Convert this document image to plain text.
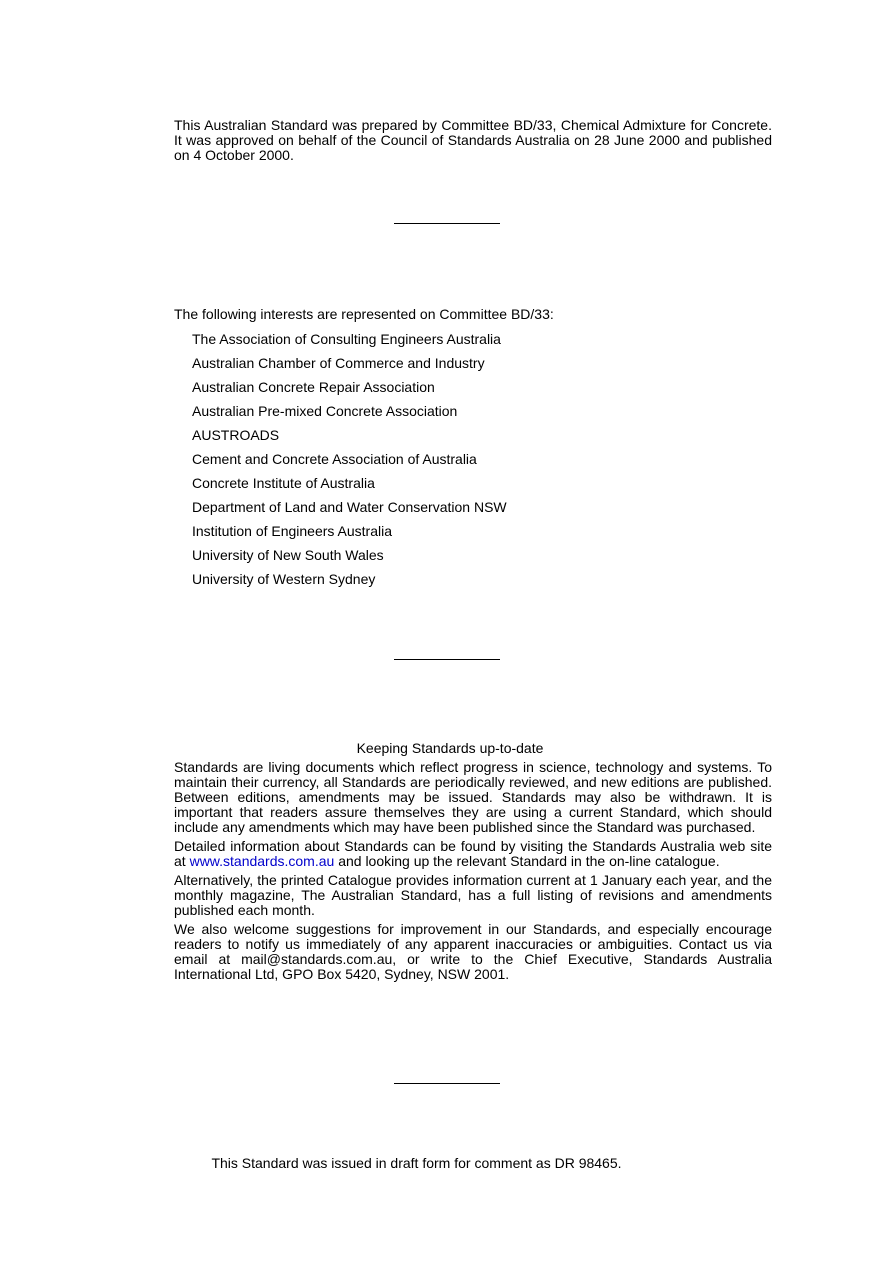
This Australian Standard was prepared by Committee BD/33, Chemical Admixture for Concrete. It was approved on behalf of the Council of Standards Australia on 28 June 2000 and published on 4 October 2000.
The following interests are represented on Committee BD/33:
The Association of Consulting Engineers Australia
Australian Chamber of Commerce and Industry
Australian Concrete Repair Association
Australian Pre-mixed Concrete Association
AUSTROADS
Cement and Concrete Association of Australia
Concrete Institute of Australia
Department of Land and Water Conservation NSW
Institution of Engineers Australia
University of New South Wales
University of Western Sydney
Keeping Standards up-to-date

Standards are living documents which reflect progress in science, technology and systems. To maintain their currency, all Standards are periodically reviewed, and new editions are published. Between editions, amendments may be issued. Standards may also be withdrawn. It is important that readers assure themselves they are using a current Standard, which should include any amendments which may have been published since the Standard was purchased.

Detailed information about Standards can be found by visiting the Standards Australia web site at www.standards.com.au and looking up the relevant Standard in the on-line catalogue.

Alternatively, the printed Catalogue provides information current at 1 January each year, and the monthly magazine, The Australian Standard, has a full listing of revisions and amendments published each month.

We also welcome suggestions for improvement in our Standards, and especially encourage readers to notify us immediately of any apparent inaccuracies or ambiguities. Contact us via email at mail@standards.com.au, or write to the Chief Executive, Standards Australia International Ltd, GPO Box 5420, Sydney, NSW 2001.

This Standard was issued in draft form for comment as DR 98465.
